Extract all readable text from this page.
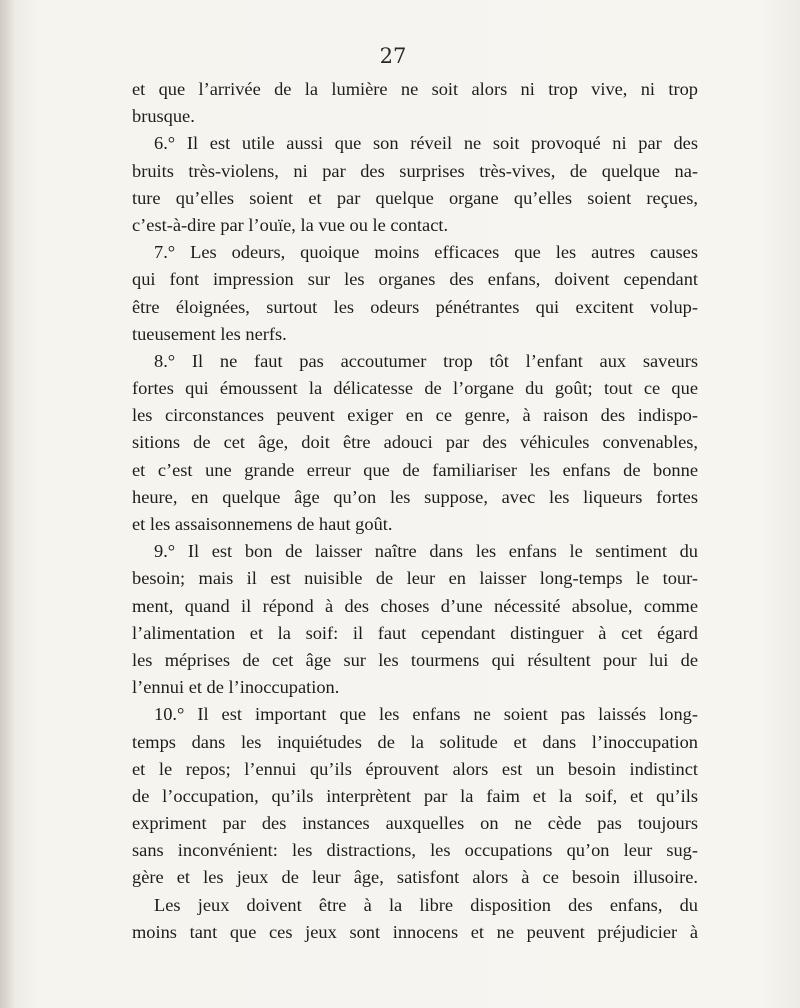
27
et que l’arrivée de la lumière ne soit alors ni trop vive, ni trop
brusque.
6.° Il est utile aussi que son réveil ne soit provoqué ni par des
bruits très-violens, ni par des surprises très-vives, de quelque na-
ture qu’elles soient et par quelque organe qu’elles soient reçues,
c’est-à-dire par l’ouïe, la vue ou le contact.
7.° Les odeurs, quoique moins efficaces que les autres causes
qui font impression sur les organes des enfans, doivent cependant
être éloignées, surtout les odeurs pénétrantes qui excitent volup-
tueusement les nerfs.
8.° Il ne faut pas accoutumer trop tôt l’enfant aux saveurs
fortes qui émoussent la délicatesse de l’organe du goût; tout ce que
les circonstances peuvent exiger en ce genre, à raison des indispo-
sitions de cet âge, doit être adouci par des véhicules convenables,
et c’est une grande erreur que de familiariser les enfans de bonne
heure, en quelque âge qu’on les suppose, avec les liqueurs fortes
et les assaisonnemens de haut goût.
9.° Il est bon de laisser naître dans les enfans le sentiment du
besoin; mais il est nuisible de leur en laisser long-temps le tour-
ment, quand il répond à des choses d’une nécessité absolue, comme
l’alimentation et la soif: il faut cependant distinguer à cet égard
les méprises de cet âge sur les tourmens qui résultent pour lui de
l’ennui et de l’inoccupation.
10.° Il est important que les enfans ne soient pas laissés long-
temps dans les inquiétudes de la solitude et dans l’inoccupation
et le repos; l’ennui qu’ils éprouvent alors est un besoin indistinct
de l’occupation, qu’ils interprètent par la faim et la soif, et qu’ils
expriment par des instances auxquelles on ne cède pas toujours
sans inconvénient: les distractions, les occupations qu’on leur sug-
gère et les jeux de leur âge, satisfont alors à ce besoin illusoire.
Les jeux doivent être à la libre disposition des enfans, du
moins tant que ces jeux sont innocens et ne peuvent préjudicier à
